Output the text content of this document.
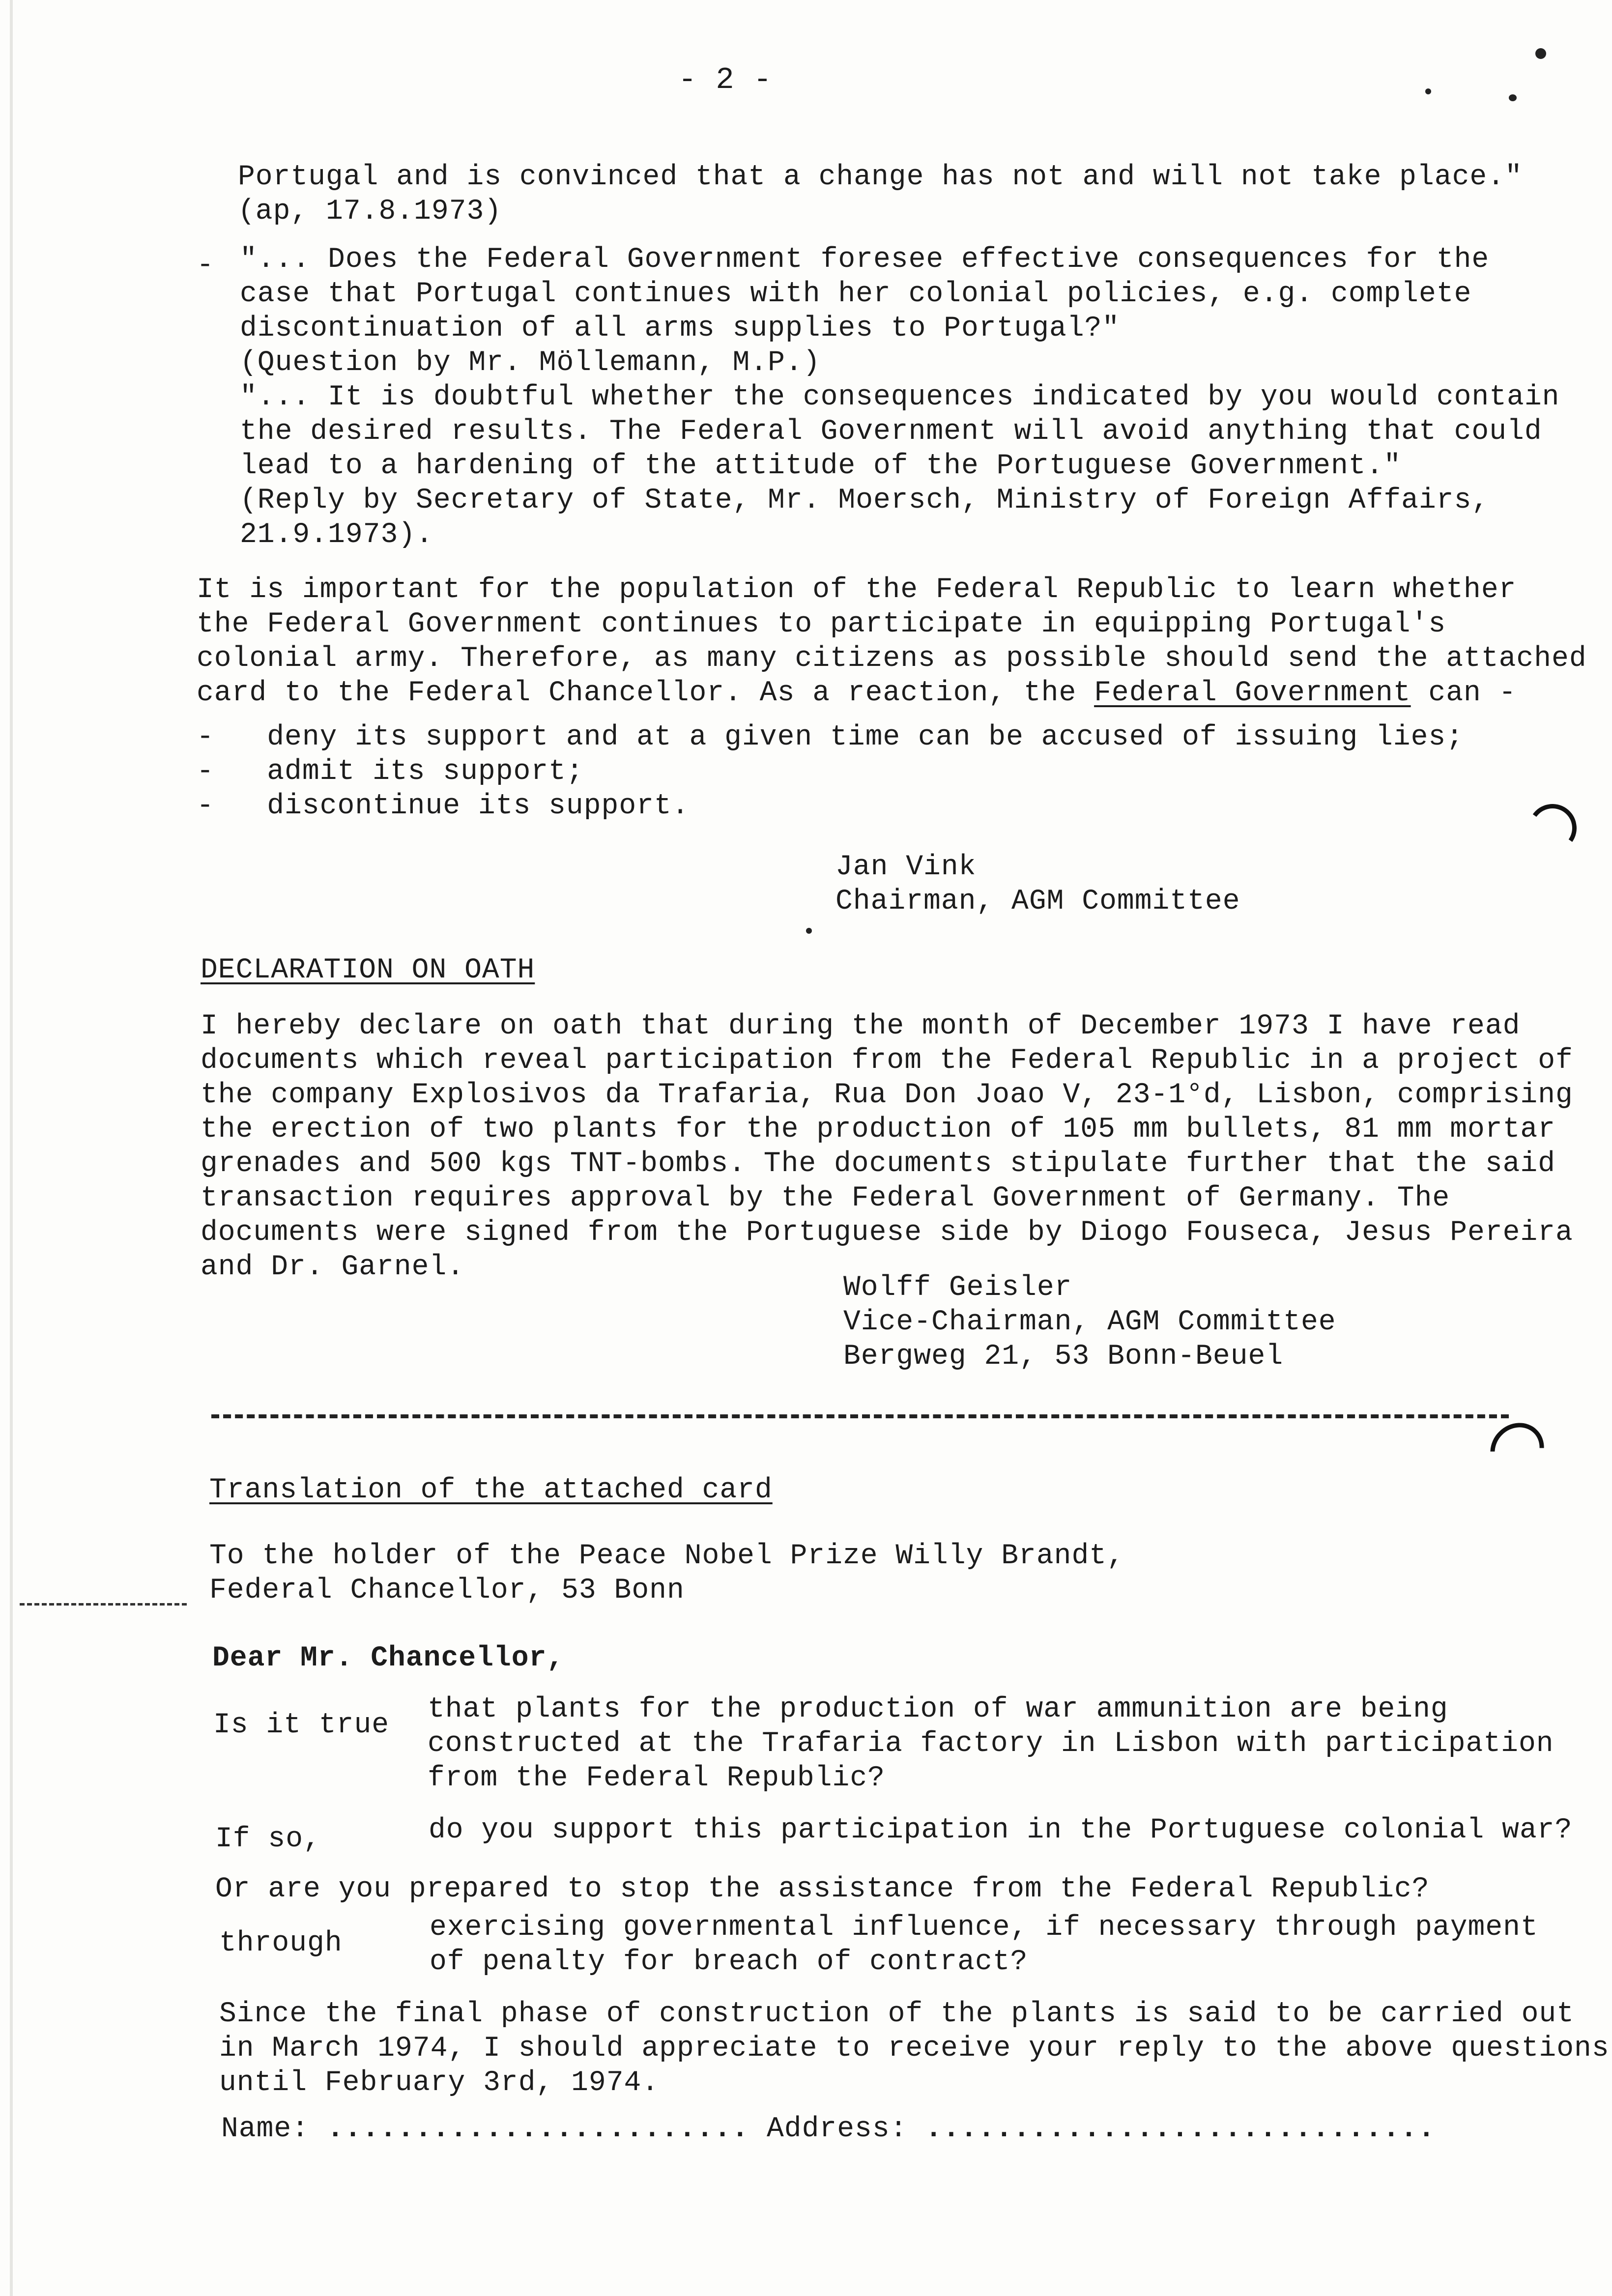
- 2 -
Portugal and is convinced that a change has not and will not take place."
(ap, 17.8.1973)
- "... Does the Federal Government foresee effective consequences for the
case that Portugal continues with her colonial policies, e.g. complete
discontinuation of all arms supplies to Portugal?"
(Question by Mr. Möllemann, M.P.)
"... It is doubtful whether the consequences indicated by you would contain
the desired results. The Federal Government will avoid anything that could
lead to a hardening of the attitude of the Portuguese Government."
(Reply by Secretary of State, Mr. Moersch, Ministry of Foreign Affairs,
21.9.1973).
It is important for the population of the Federal Republic to learn whether
the Federal Government continues to participate in equipping Portugal's
colonial army. Therefore, as many citizens as possible should send the attached
card to the Federal Chancellor. As a reaction, the Federal Government can -
- deny its support and at a given time can be accused of issuing lies;
- admit its support;
- discontinue its support.
Jan Vink
Chairman, AGM Committee
DECLARATION ON OATH
I hereby declare on oath that during the month of December 1973 I have read
documents which reveal participation from the Federal Republic in a project of
the company Explosivos da Trafaria, Rua Don Joao V, 23-1°d, Lisbon, comprising
the erection of two plants for the production of 105 mm bullets, 81 mm mortar
grenades and 500 kgs TNT-bombs. The documents stipulate further that the said
transaction requires approval by the Federal Government of Germany. The
documents were signed from the Portuguese side by Diogo Fouseca, Jesus Pereira
and Dr. Garnel.
Wolff Geisler
Vice-Chairman, AGM Committee
Bergweg 21, 53 Bonn-Beuel
Translation of the attached card
To the holder of the Peace Nobel Prize Willy Brandt,
Federal Chancellor, 53 Bonn
Dear Mr. Chancellor,
Is it true that plants for the production of war ammunition are being
constructed at the Trafaria factory in Lisbon with participation
from the Federal Republic?
If so,	do you support this participation in the Portuguese colonial war?
Or are you prepared to stop the assistance from the Federal Republic?
through	exercising governmental influence, if necessary through payment
of penalty for breach of contract?
Since the final phase of construction of the plants is said to be carried out
in March 1974, I should appreciate to receive your reply to the above questions
until February 3rd, 1974.
Name: ........................ Address: .............................
